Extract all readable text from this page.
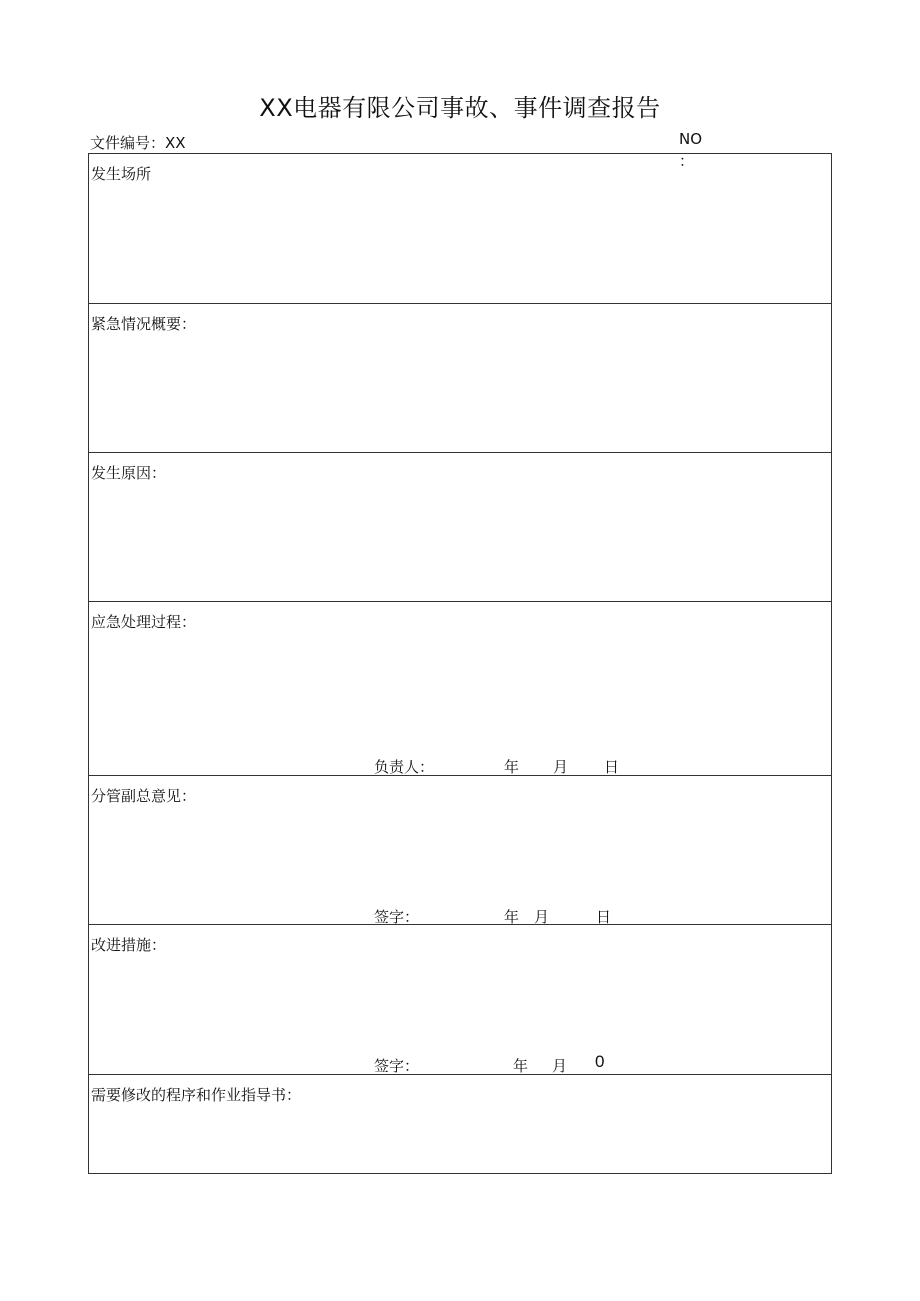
XX电器有限公司事故、事件调查报告
文件编号：XX	NO
：
发生场所
紧急情况概要：
发生原因：
应急处理过程：
负责人：	年 月 日
分管副总意见：
签字：	年 月	日
改进措施：
签字：	年 月 0
需要修改的程序和作业指导书：
